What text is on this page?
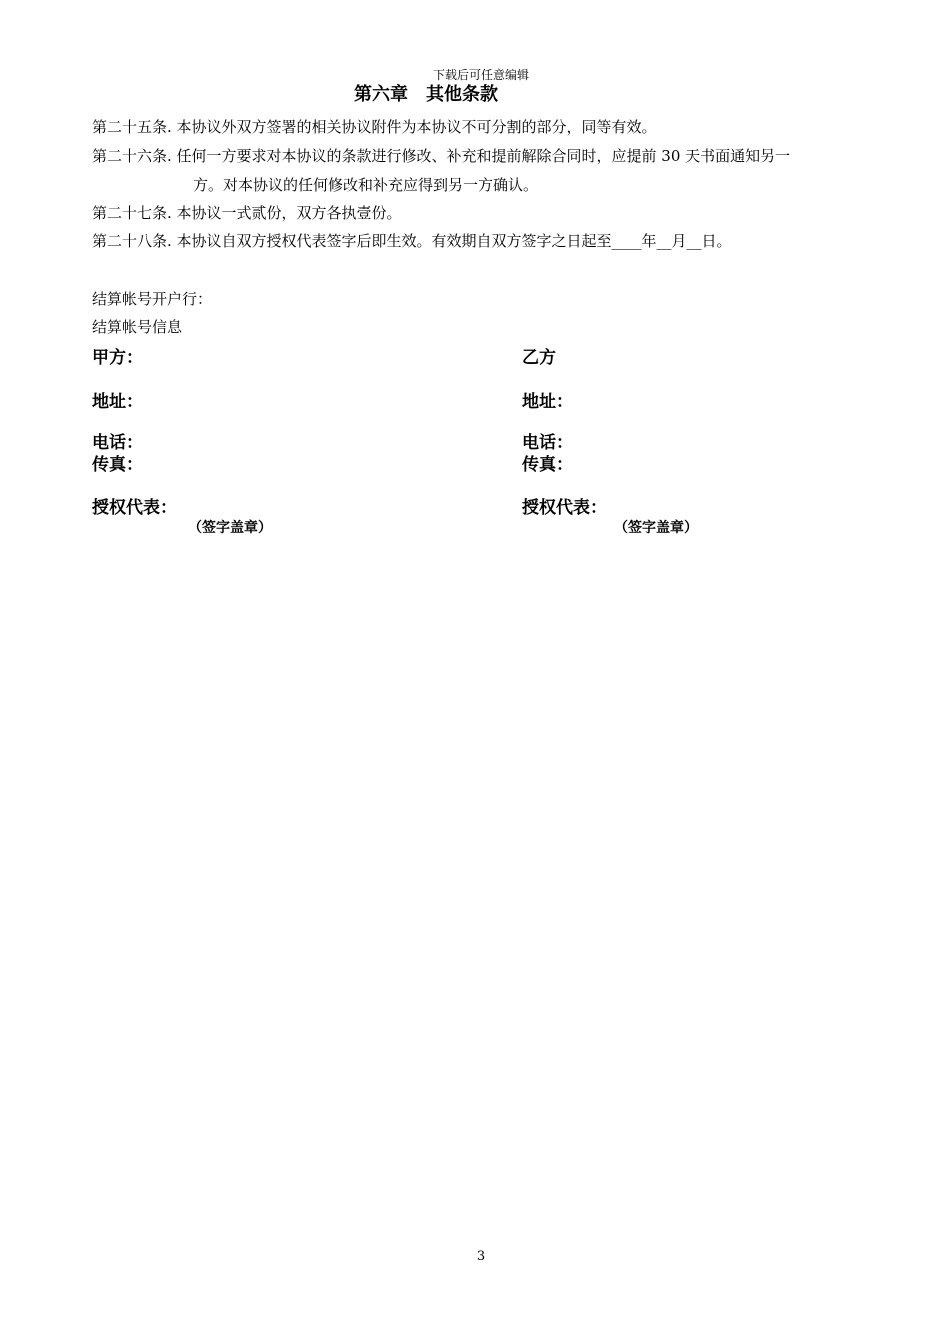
下载后可任意编辑
第六章　其他条款
第二十五条. 本协议外双方签署的相关协议附件为本协议不可分割的部分，同等有效。
第二十六条. 任何一方要求对本协议的条款进行修改、补充和提前解除合同时，应提前 30 天书面通知另一
方。对本协议的任何修改和补充应得到另一方确认。
第二十七条. 本协议一式贰份，双方各执壹份。
第二十八条. 本协议自双方授权代表签字后即生效。有效期自双方签字之日起至____年__月__日。
结算帐号开户行：
结算帐号信息
甲方：	乙方
地址：	地址：
电话：	电话：
传真：	传真：
授权代表：	授权代表：
（签字盖章）	（签字盖章）
3
